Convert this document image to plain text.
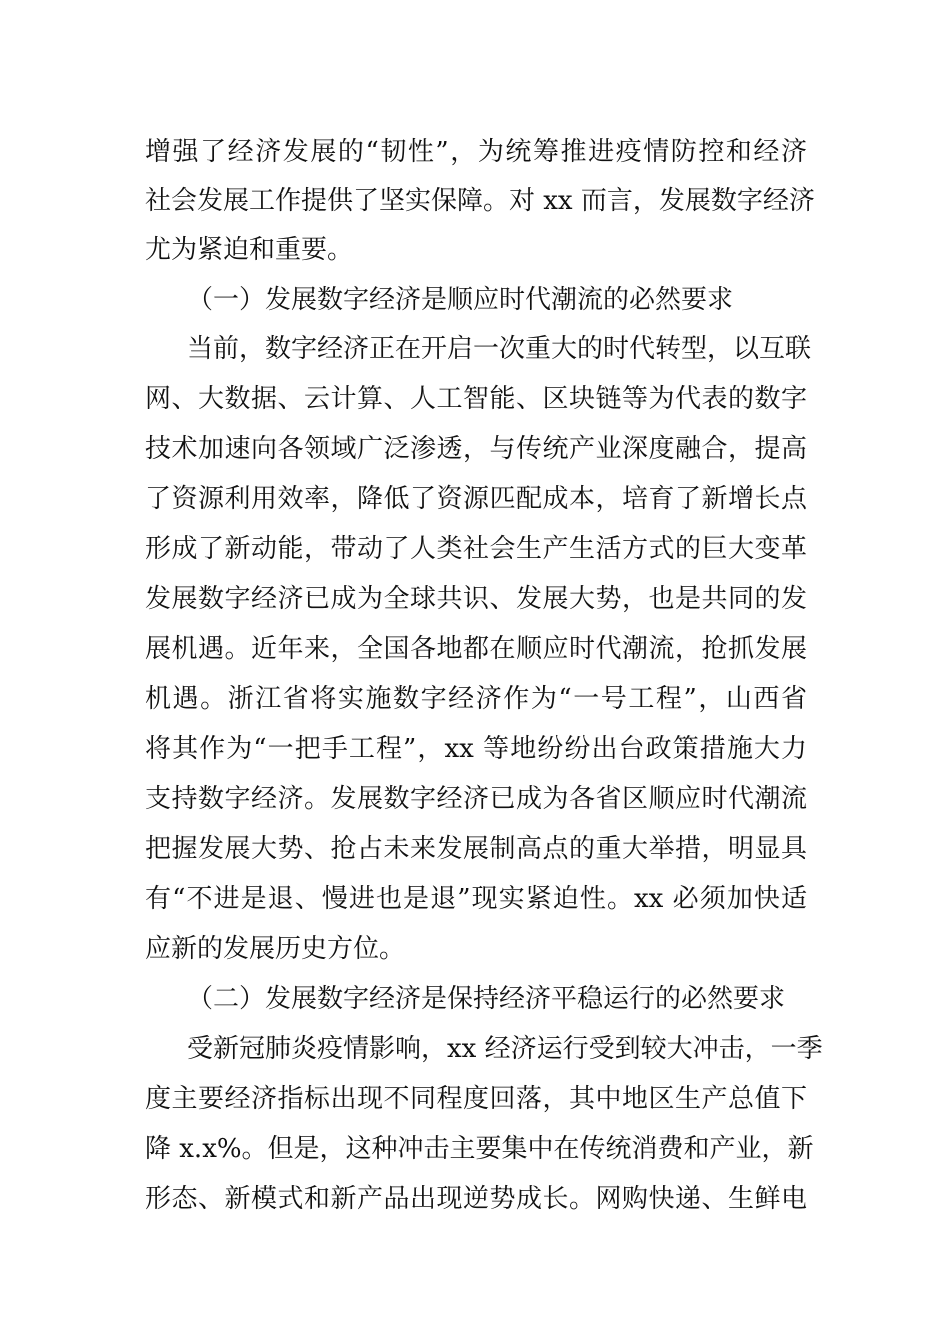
增强了经济发展的“韧性”，为统筹推进疫情防控和经济
社会发展工作提供了坚实保障。对 xx 而言，发展数字经济
尤为紧迫和重要。
（一）发展数字经济是顺应时代潮流的必然要求
当前，数字经济正在开启一次重大的时代转型，以互联
网、大数据、云计算、人工智能、区块链等为代表的数字
技术加速向各领域广泛渗透，与传统产业深度融合，提高
了资源利用效率，降低了资源匹配成本，培育了新增长点
形成了新动能，带动了人类社会生产生活方式的巨大变革
发展数字经济已成为全球共识、发展大势，也是共同的发
展机遇。近年来，全国各地都在顺应时代潮流，抢抓发展
机遇。浙江省将实施数字经济作为“一号工程”，山西省
将其作为“一把手工程”，xx 等地纷纷出台政策措施大力
支持数字经济。发展数字经济已成为各省区顺应时代潮流
把握发展大势、抢占未来发展制高点的重大举措，明显具
有“不进是退、慢进也是退”现实紧迫性。xx 必须加快适
应新的发展历史方位。
（二）发展数字经济是保持经济平稳运行的必然要求
受新冠肺炎疫情影响，xx 经济运行受到较大冲击，一季
度主要经济指标出现不同程度回落，其中地区生产总值下
降 x.x%。但是，这种冲击主要集中在传统消费和产业，新
形态、新模式和新产品出现逆势成长。网购快递、生鲜电
